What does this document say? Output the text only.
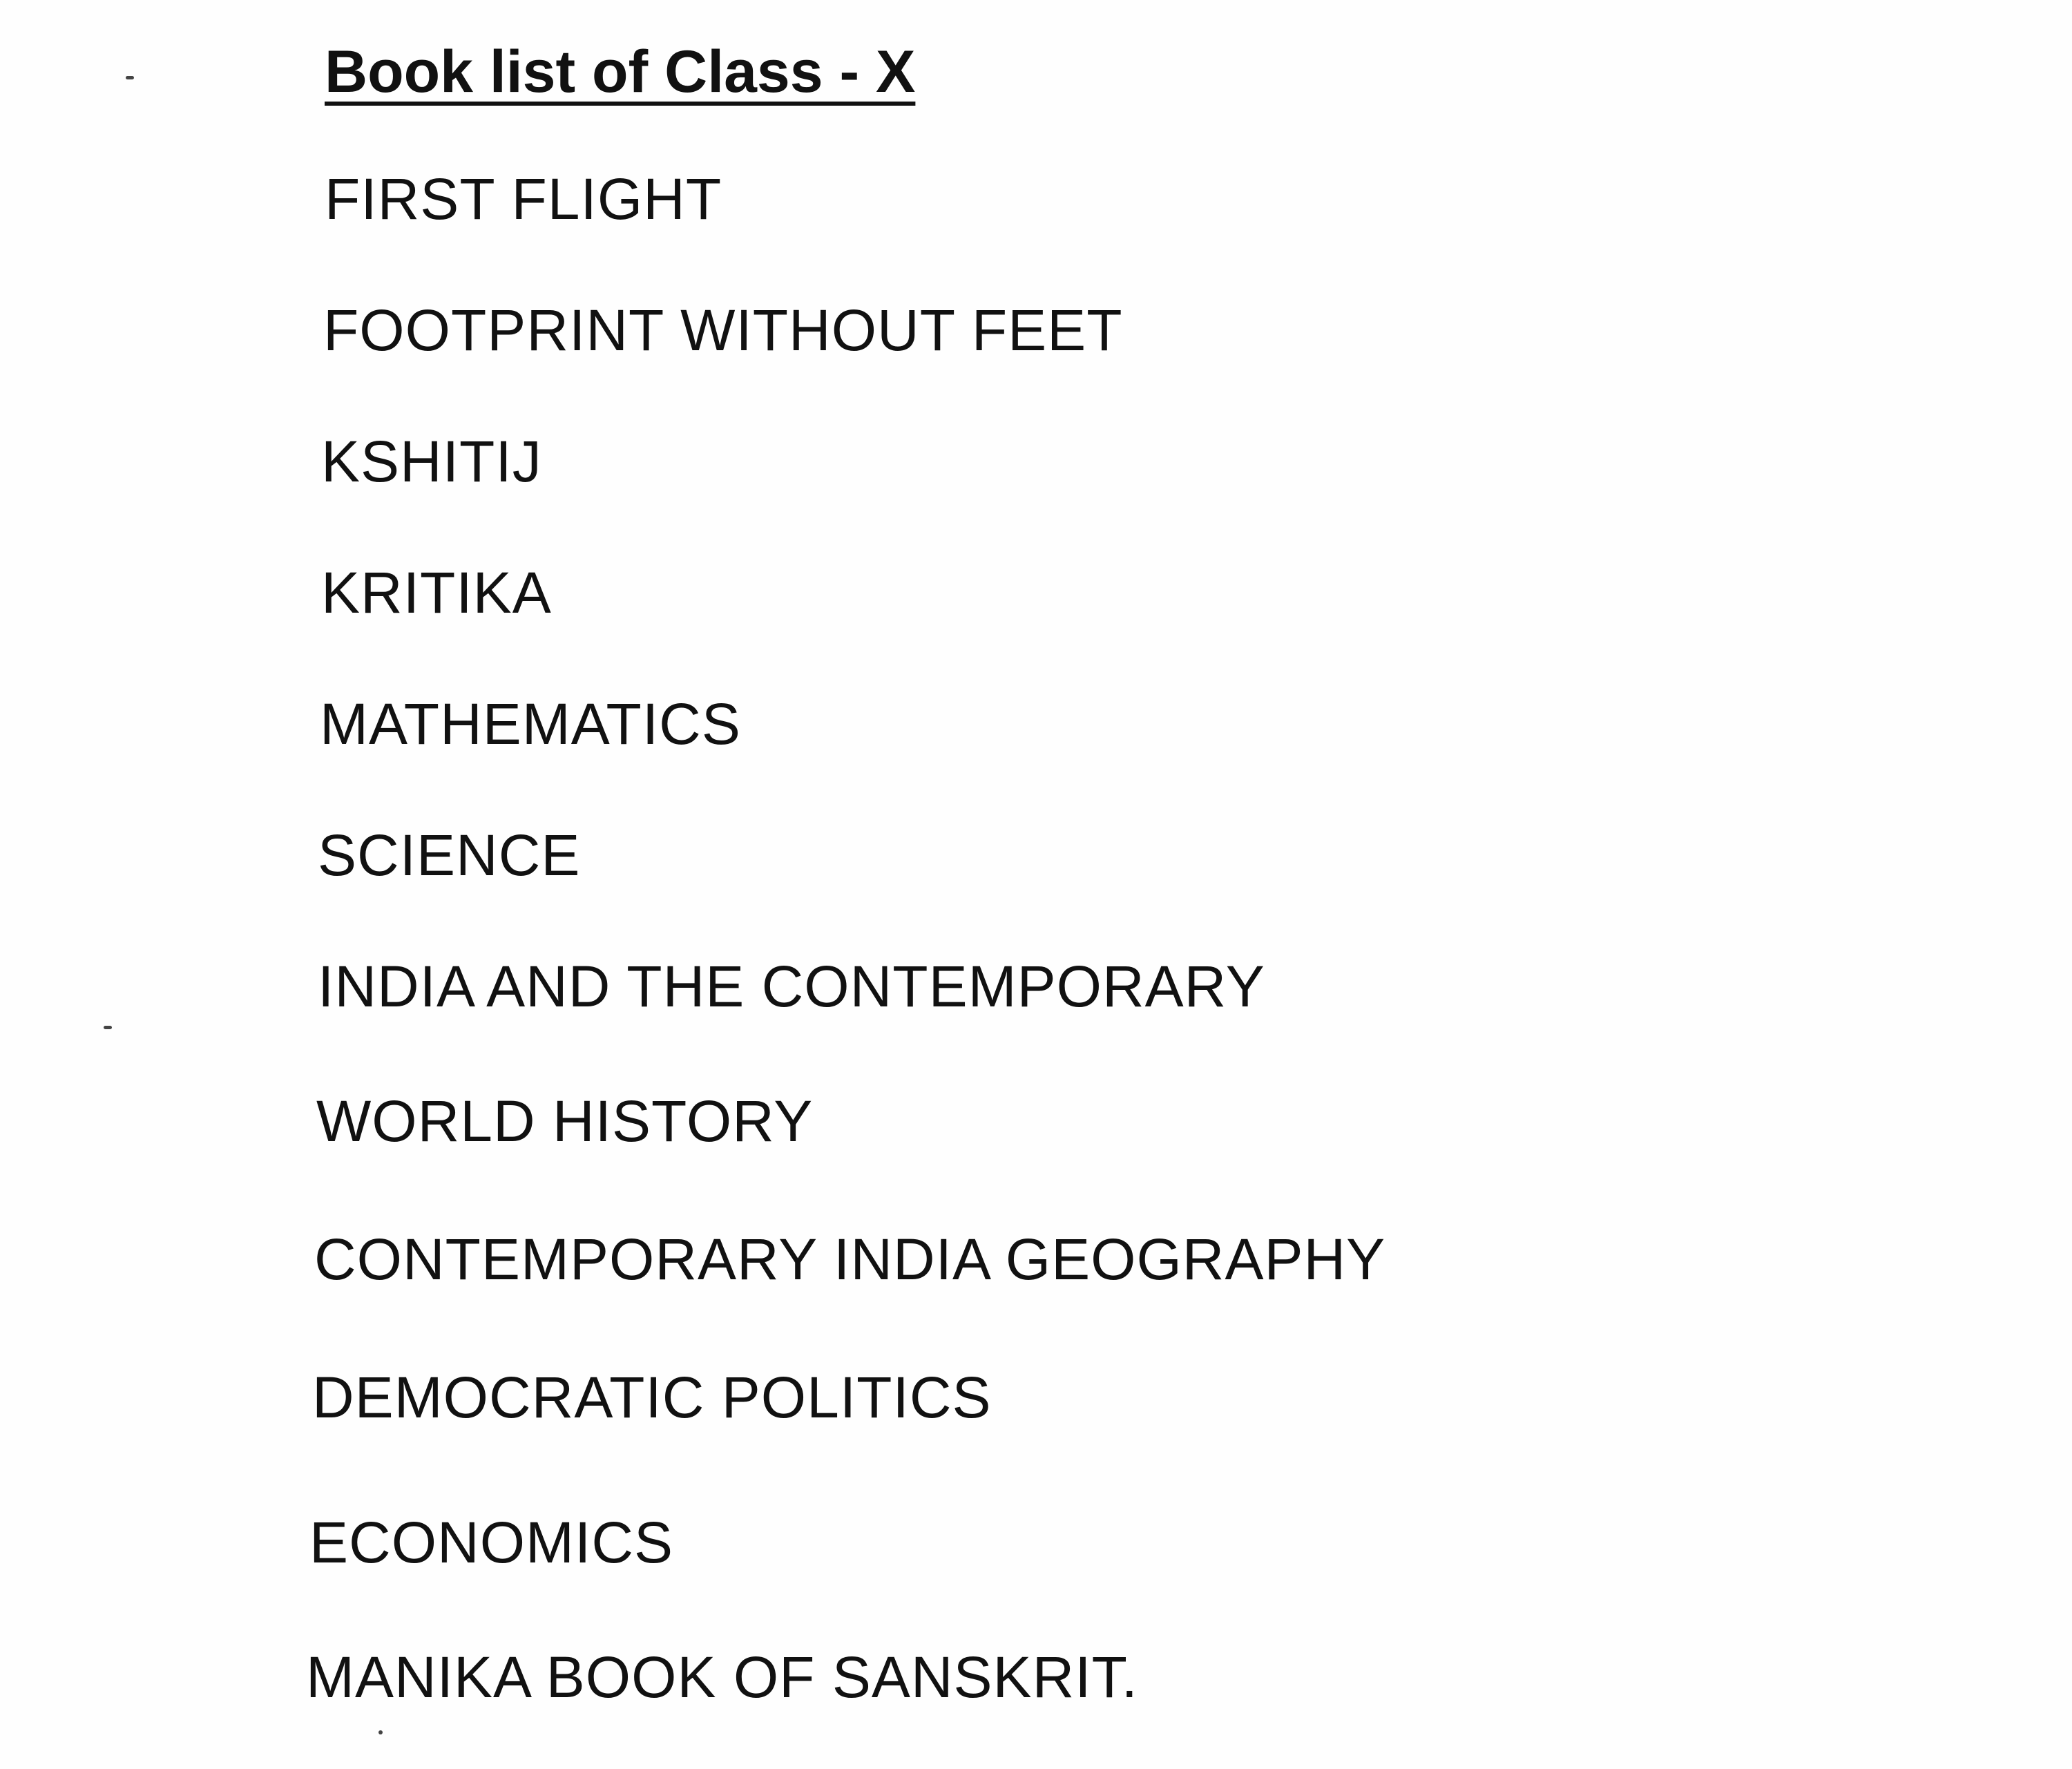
Book list of Class - X
FIRST FLIGHT
FOOTPRINT WITHOUT FEET
KSHITIJ
KRITIKA
MATHEMATICS
SCIENCE
INDIA AND THE CONTEMPORARY
WORLD HISTORY
CONTEMPORARY INDIA GEOGRAPHY
DEMOCRATIC POLITICS
ECONOMICS
MANIKA BOOK OF SANSKRIT.
